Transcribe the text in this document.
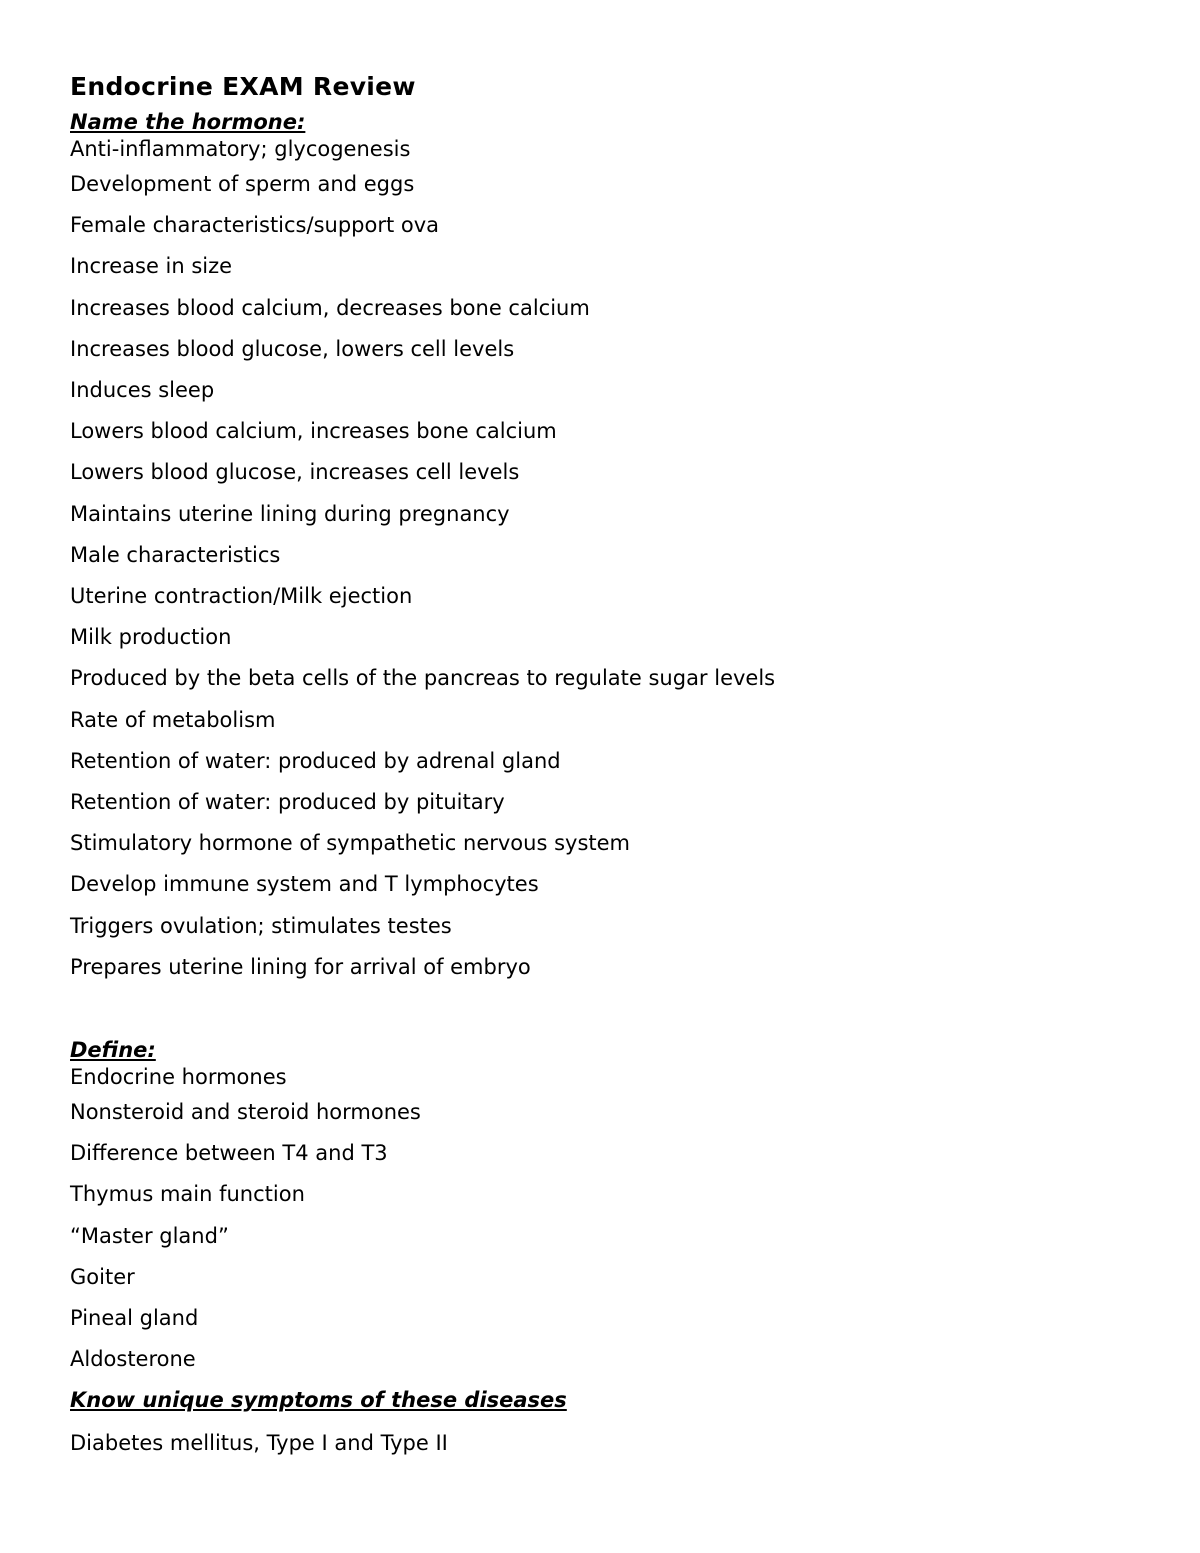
Endocrine EXAM Review
Name the hormone:
Anti-inflammatory; glycogenesis
Development of sperm and eggs
Female characteristics/support ova
Increase in size
Increases blood calcium, decreases bone calcium
Increases blood glucose, lowers cell levels
Induces sleep
Lowers blood calcium, increases bone calcium
Lowers blood glucose, increases cell levels
Maintains uterine lining during pregnancy
Male characteristics
Uterine contraction/Milk ejection
Milk production
Produced by the beta cells of the pancreas to regulate sugar levels
Rate of metabolism
Retention of water: produced by adrenal gland
Retention of water: produced by pituitary
Stimulatory hormone of sympathetic nervous system
Develop immune system and T lymphocytes
Triggers ovulation; stimulates testes
Prepares uterine lining for arrival of embryo
Define:
Endocrine hormones
Nonsteroid and steroid hormones
Difference between T4 and T3
Thymus main function
“Master gland”
Goiter
Pineal gland
Aldosterone
Know unique symptoms of these diseases
Diabetes mellitus, Type I and Type II
